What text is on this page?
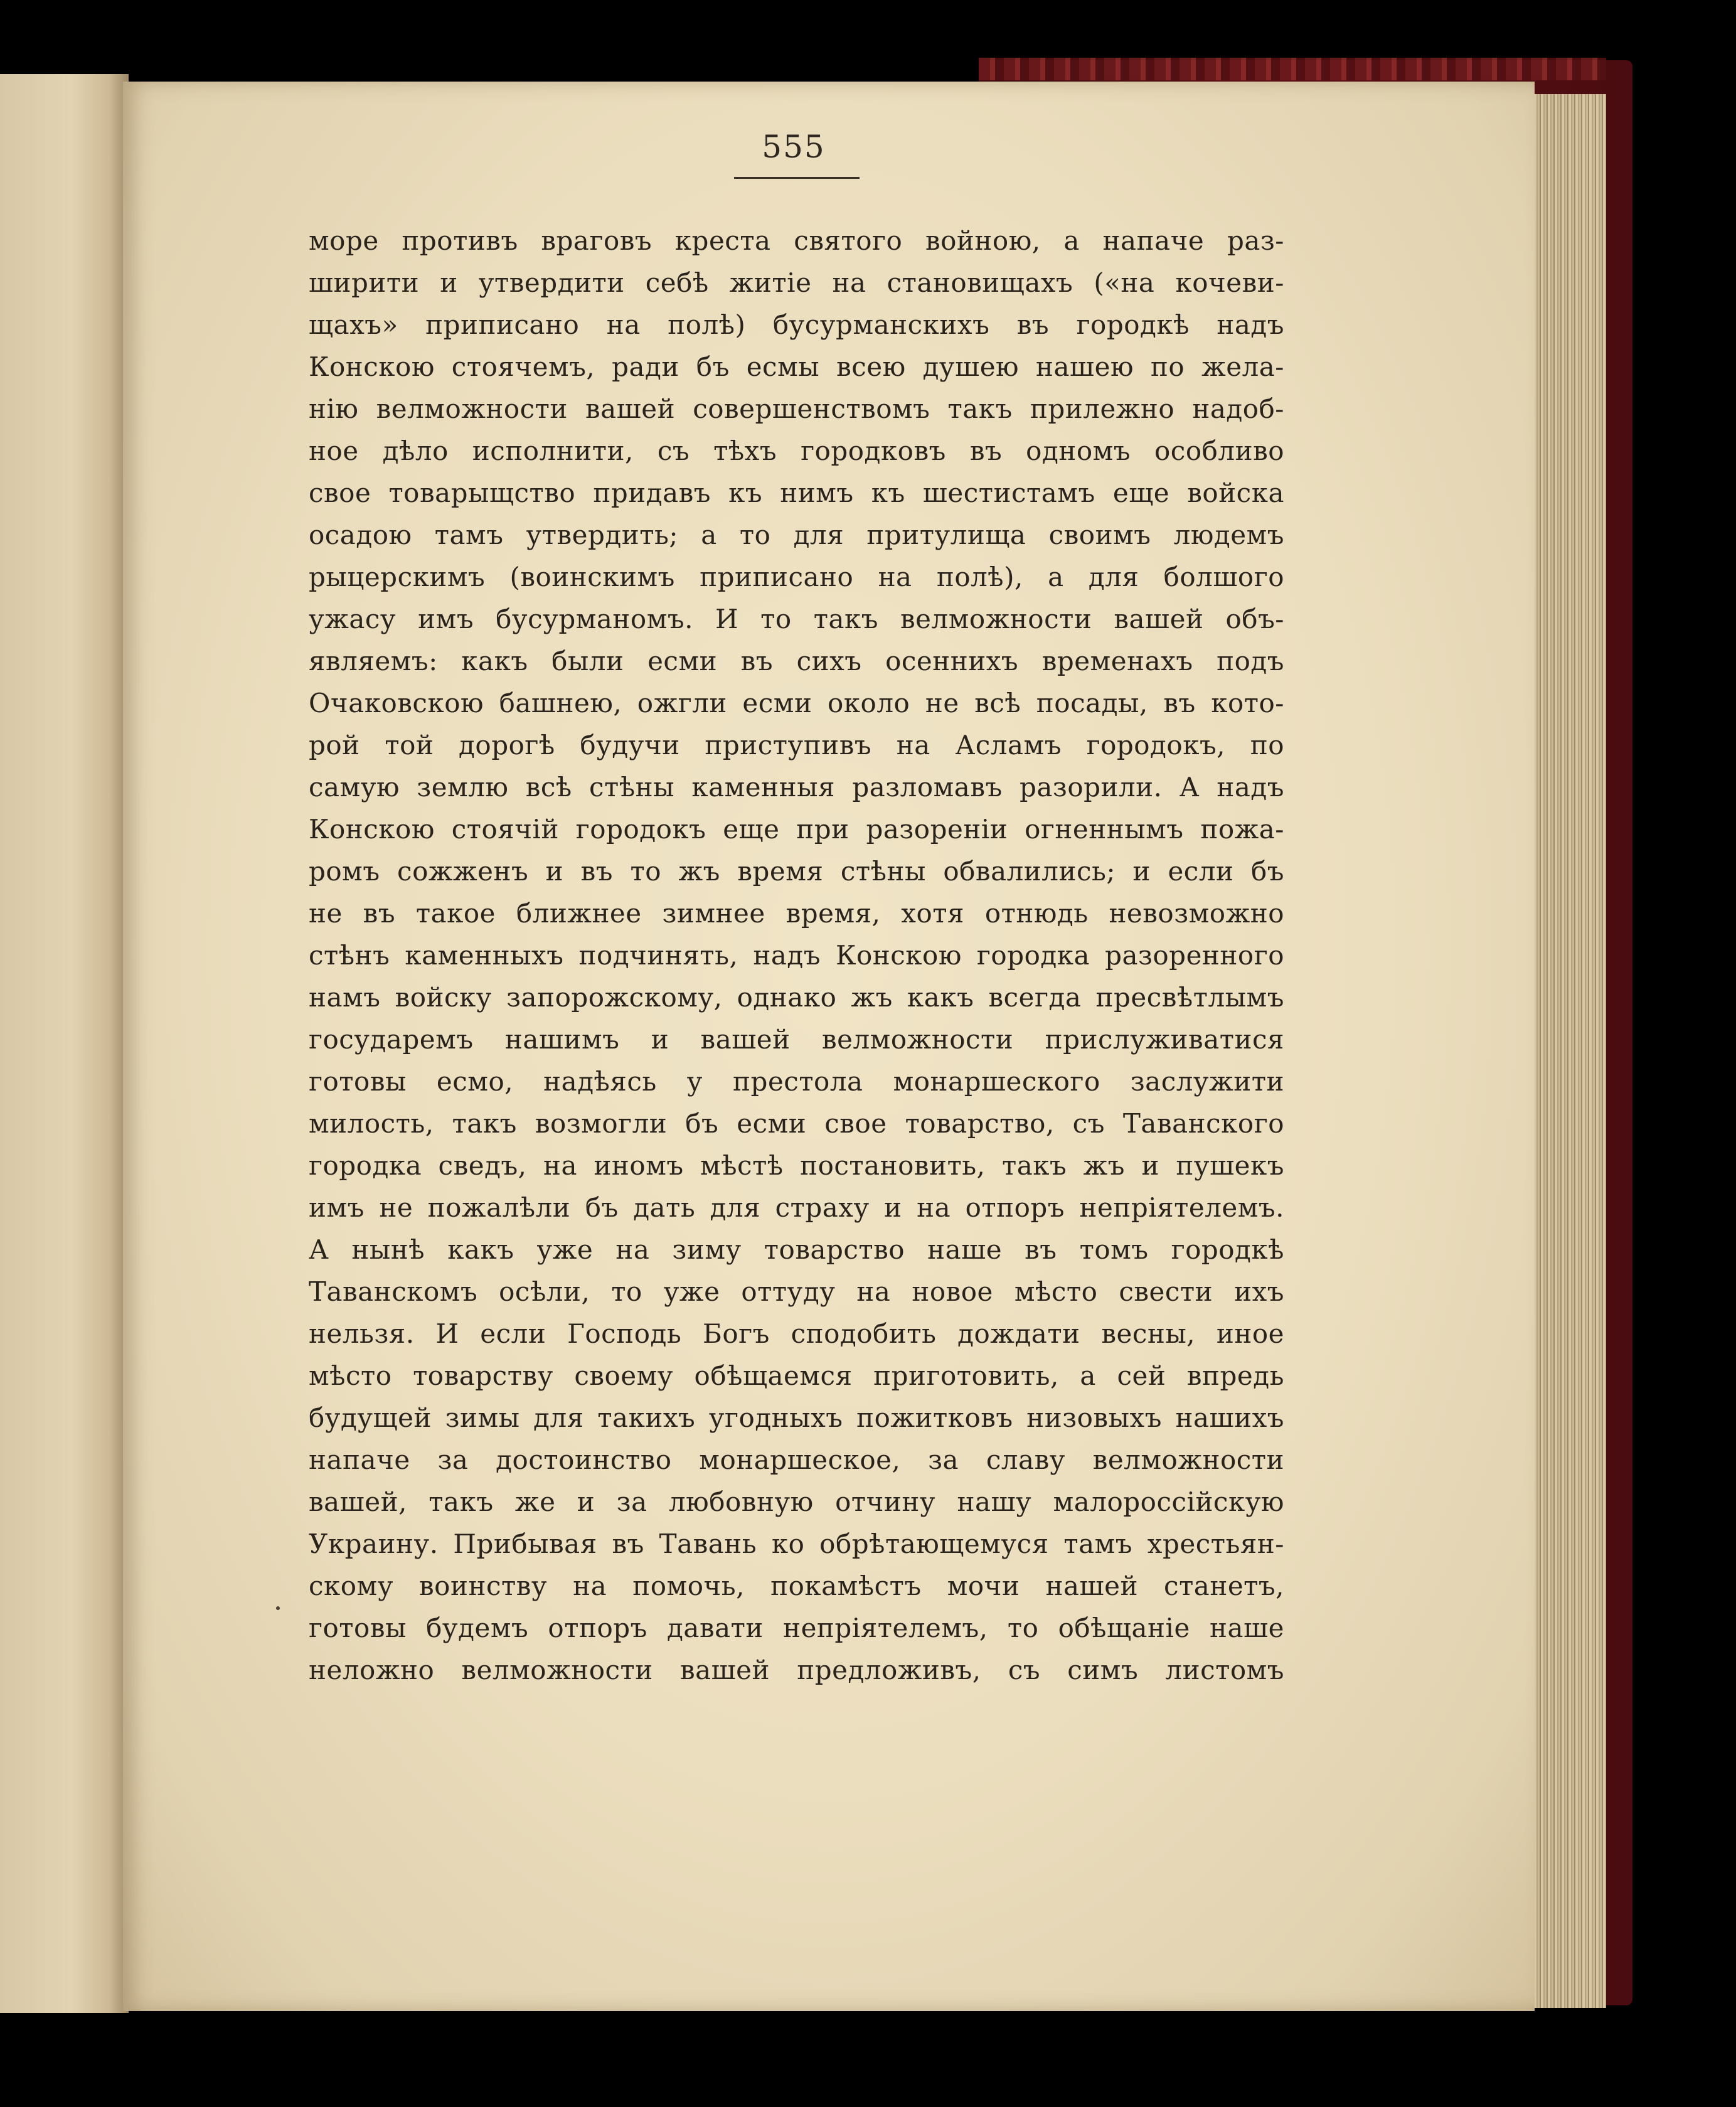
555
море противъ враговъ креста святого войною, а напаче раз-
ширити и утвердити себѣ житіе на становищахъ («на кочеви-
щахъ» приписано на полѣ) бусурманскихъ въ городкѣ надъ
Конскою стоячемъ, ради бъ есмы всею душею нашею по жела-
нію велможности вашей совершенствомъ такъ прилежно надоб-
ное дѣло исполнити, съ тѣхъ городковъ въ одномъ особливо
свое товарыщство придавъ къ нимъ къ шестистамъ еще войска
осадою тамъ утвердить; а то для притулища своимъ людемъ
рыцерскимъ (воинскимъ приписано на полѣ), а для болшого
ужасу имъ бусурманомъ. И то такъ велможности вашей объ-
являемъ: какъ были есми въ сихъ осеннихъ временахъ подъ
Очаковскою башнею, ожгли есми около не всѣ посады, въ кото-
рой той дорогѣ будучи приступивъ на Асламъ городокъ, по
самую землю всѣ стѣны каменныя разломавъ разорили. А надъ
Конскою стоячій городокъ еще при разореніи огненнымъ пожа-
ромъ сожженъ и въ то жъ время стѣны обвалились; и если бъ
не въ такое ближнее зимнее время, хотя отнюдь невозможно
стѣнъ каменныхъ подчинять, надъ Конскою городка разоренного
намъ войску запорожскому, однако жъ какъ всегда пресвѣтлымъ
государемъ нашимъ и вашей велможности прислуживатися
готовы есмо, надѣясь у престола монаршеского заслужити
милость, такъ возмогли бъ есми свое товарство, съ Таванского
городка сведъ, на иномъ мѣстѣ постановить, такъ жъ и пушекъ
имъ не пожалѣли бъ дать для страху и на отпоръ непріятелемъ.
А нынѣ какъ уже на зиму товарство наше въ томъ городкѣ
Таванскомъ осѣли, то уже оттуду на новое мѣсто свести ихъ
нельзя. И если Господь Богъ сподобить дождати весны, иное
мѣсто товарству своему обѣщаемся приготовить, а сей впредь
будущей зимы для такихъ угодныхъ пожитковъ низовыхъ нашихъ
напаче за достоинство монаршеское, за славу велможности
вашей, такъ же и за любовную отчину нашу малороссійскую
Украину. Прибывая въ Тавань ко обрѣтающемуся тамъ хрестьян-
скому воинству на помочь, покамѣстъ мочи нашей станетъ,
готовы будемъ отпоръ давати непріятелемъ, то обѣщаніе наше
неложно велможности вашей предложивъ, съ симъ листомъ
